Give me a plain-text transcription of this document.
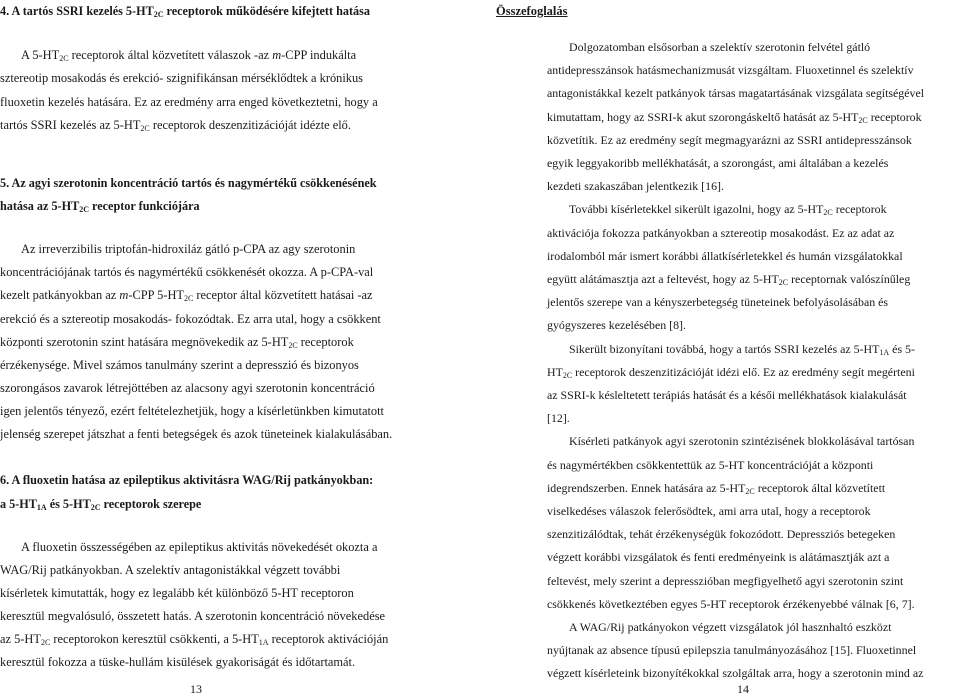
4. A tartós SSRI kezelés $5-HT_{2C}$ receptorok működésére kifejtett hatása
A $5-HT_{2C}$ receptorok által közvetített válaszok -az m-CPP indukálta
sztereotip mosakodás és erekció- szignifikánsan mérséklődtek a krónikus
fluoxetin kezelés hatására. Ez az eredmény arra enged következtetni, hogy a
tartós SSRI kezelés az $5-HT_{2C}$ receptorok deszenzitizációját idézte elő.
5. Az agyi szerotonin koncentráció tartós és nagymértékű csökkenésének
hatása az $5-HT_{2C}$ receptor funkciójára
Az irreverzibilis triptofán-hidroxiláz gátló p-CPA az agy szerotonin
koncentrációjának tartós és nagymértékű csökkenését okozza. A p-CPA-val
kezelt patkányokban az m-CPP $5-HT_{2C}$ receptor által közvetített hatásai -az
erekció és a sztereotip mosakodás- fokozódtak. Ez arra utal, hogy a csökkent
központi szerotonin szint hatására megnövekedik az $5-HT_{2C}$ receptorok
érzékenysége. Mivel számos tanulmány szerint a depresszió és bizonyos
szorongásos zavarok létrejöttében az alacsony agyi szerotonin koncentráció
igen jelentős tényező, ezért feltételezhetjük, hogy a kísérletünkben kimutatott
jelenség szerepet játszhat a fenti betegségek és azok tüneteinek kialakulásában.
6. A fluoxetin hatása az epileptikus aktivitásra WAG/Rij patkányokban:
a $5-HT_{1A}$ és $5-HT_{2C}$ receptorok szerepe
A fluoxetin összességében az epileptikus aktivitás növekedését okozta a
WAG/Rij patkányokban. A szelektív antagonistákkal végzett további
kísérletek kimutatták, hogy ez legalább két különböző 5-HT receptoron
keresztül megvalósuló, összetett hatás. A szerotonin koncentráció növekedése
az $5-HT_{2C}$ receptorokon keresztül csökkenti, a $5-HT_{1A}$ receptorok aktivációján
keresztül fokozza a tüske-hullám kisülések gyakoriságát és időtartamát.
13
Összefoglalás
Dolgozatomban elsősorban a szelektív szerotonin felvétel gátló
antidepresszánsok hatásmechanizmusát vizsgáltam. Fluoxetinnel és szelektív
antagonistákkal kezelt patkányok társas magatartásának vizsgálata segítségével
kimutattam, hogy az SSRI-k akut szorongáskeltő hatását az $5-HT_{2C}$ receptorok
közvetítik. Ez az eredmény segít megmagyarázni az SSRI antidepresszánsok
egyik leggyakoribb mellékhatását, a szorongást, ami általában a kezelés
kezdeti szakaszában jelentkezik [16].
További kísérletekkel sikerült igazolni, hogy az $5-HT_{2C}$ receptorok
aktivációja fokozza patkányokban a sztereotip mosakodást. Ez az adat az
irodalomból már ismert korábbi állatkísérletekkel és humán vizsgálatokkal
együtt alátámasztja azt a feltevést, hogy az $5-HT_{2C}$ receptornak valószínűleg
jelentős szerepe van a kényszerbetegség tüneteinek befolyásolásában és
gyógyszeres kezelésében [8].
Sikerült bizonyítani továbbá, hogy a tartós SSRI kezelés az $5-HT_{1A}$ és 5-
$HT_{2C}$ receptorok deszenzitizációját idézi elő. Ez az eredmény segít megérteni
az SSRI-k késleltetett terápiás hatását és a késői mellékhatások kialakulását
[12].
Kísérleti patkányok agyi szerotonin szintézisének blokkolásával tartósan
és nagymértékben csökkentettük az 5-HT koncentrációját a központi
idegrendszerben. Ennek hatására az $5-HT_{2C}$ receptorok által közvetített
viselkedéses válaszok felerősödtek, ami arra utal, hogy a receptorok
szenzitizálódtak, tehát érzékenységük fokozódott. Depressziós betegeken
végzett korábbi vizsgálatok és fenti eredményeink is alátámasztják azt a
feltevést, mely szerint a depresszióban megfigyelhető agyi szerotonin szint
csökkenés következtében egyes 5-HT receptorok érzékenyebbé válnak [6, 7].
A WAG/Rij patkányokon végzett vizsgálatok jól hasznhaltó eszközt
nyújtanak az absence típusú epilepszia tanulmányozásához [15]. Fluoxetinnel
végzett kísérleteink bizonyítékokkal szolgáltak arra, hogy a szerotonin mind az
14
